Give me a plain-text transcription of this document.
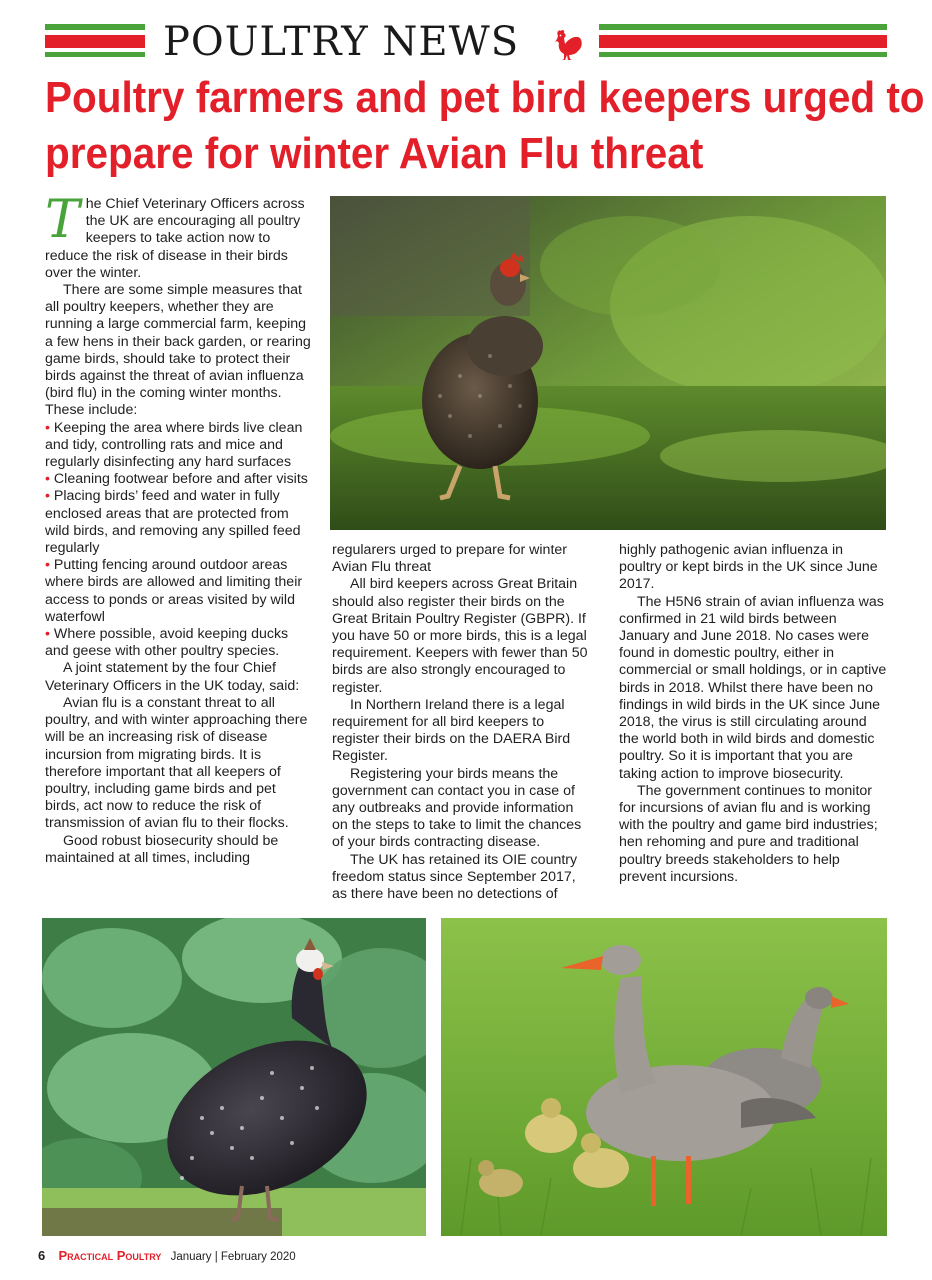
POULTRY NEWS
Poultry farmers and pet bird keepers urged to
prepare for winter Avian Flu threat

The Chief Veterinary Officers across the UK are encouraging all poultry keepers to take action now to reduce the risk of disease in their birds over the winter.

There are some simple measures that all poultry keepers, whether they are running a large commercial farm, keeping a few hens in their back garden, or rearing game birds, should take to protect their birds against the threat of avian influenza (bird flu) in the coming winter months. These include:

• Keeping the area where birds live clean and tidy, controlling rats and mice and regularly disinfecting any hard surfaces

• Cleaning footwear before and after visits

• Placing birds’ feed and water in fully enclosed areas that are protected from wild birds, and removing any spilled feed regularly

• Putting fencing around outdoor areas where birds are allowed and limiting their access to ponds or areas visited by wild waterfowl

• Where possible, avoid keeping ducks and geese with other poultry species.

A joint statement by the four Chief Veterinary Officers in the UK today, said:

Avian flu is a constant threat to all poultry, and with winter approaching there will be an increasing risk of disease incursion from migrating birds. It is therefore important that all keepers of poultry, including game birds and pet birds, act now to reduce the risk of transmission of avian flu to their flocks.

Good robust biosecurity should be maintained at all times, including

regularers urged to prepare for winter Avian Flu threat

All bird keepers across Great Britain should also register their birds on the Great Britain Poultry Register (GBPR). If you have 50 or more birds, this is a legal requirement. Keepers with fewer than 50 birds are also strongly encouraged to register.

In Northern Ireland there is a legal requirement for all bird keepers to register their birds on the DAERA Bird Register.

Registering your birds means the government can contact you in case of any outbreaks and provide information on the steps to take to limit the chances of your birds contracting disease.

The UK has retained its OIE country freedom status since September 2017, as there have been no detections of

highly pathogenic avian influenza in poultry or kept birds in the UK since June 2017.

The H5N6 strain of avian influenza was confirmed in 21 wild birds between January and June 2018. No cases were found in domestic poultry, either in commercial or small holdings, or in captive birds in 2018. Whilst there have been no findings in wild birds in the UK since June 2018, the virus is still circulating around the world both in wild birds and domestic poultry. So it is important that you are taking action to improve biosecurity.

The government continues to monitor for incursions of avian flu and is working with the poultry and game bird industries; hen rehoming and pure and traditional poultry breeds stakeholders to help prevent incursions.

6 Practical Poultry January | February 2020
